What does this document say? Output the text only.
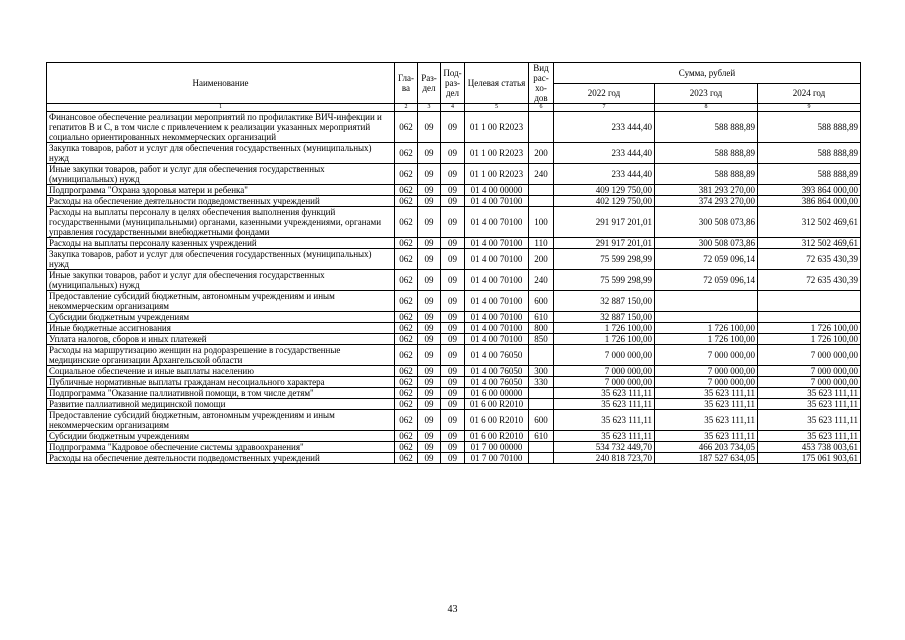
Наименование	Гла-ва	Раз-дел	Под-раз-дел	Целевая статья	Вид рас-хо-дов	Сумма, рублей		
						2022 год	2023 год	2024 год
1	2	3	4	5	6	7	8	9
Финансовое обеспечение реализации мероприятий по профилактике ВИЧ-инфекции и гепатитов В и С, в том числе с привлечением к реализации указанных мероприятий социально ориентированных некоммерческих организаций	062	09	09	01 1 00 R2023		233 444,40	588 888,89	588 888,89
Закупка товаров, работ и услуг для обеспечения государственных (муниципальных) нужд	062	09	09	01 1 00 R2023	200	233 444,40	588 888,89	588 888,89
Иные закупки товаров, работ и услуг для обеспечения государственных (муниципальных) нужд	062	09	09	01 1 00 R2023	240	233 444,40	588 888,89	588 888,89
Подпрограмма "Охрана здоровья матери и ребенка"	062	09	09	01 4 00 00000		409 129 750,00	381 293 270,00	393 864 000,00
Расходы на обеспечение деятельности подведомственных учреждений	062	09	09	01 4 00 70100		402 129 750,00	374 293 270,00	386 864 000,00
Расходы на выплаты персоналу в целях обеспечения выполнения функций государственными (муниципальными) органами, казенными учреждениями, органами управления государственными внебюджетными фондами	062	09	09	01 4 00 70100	100	291 917 201,01	300 508 073,86	312 502 469,61
Расходы на выплаты персоналу казенных учреждений	062	09	09	01 4 00 70100	110	291 917 201,01	300 508 073,86	312 502 469,61
Закупка товаров, работ и услуг для обеспечения государственных (муниципальных) нужд	062	09	09	01 4 00 70100	200	75 599 298,99	72 059 096,14	72 635 430,39
Иные закупки товаров, работ и услуг для обеспечения государственных (муниципальных) нужд	062	09	09	01 4 00 70100	240	75 599 298,99	72 059 096,14	72 635 430,39
Предоставление субсидий бюджетным, автономным учреждениям и иным некоммерческим организациям	062	09	09	01 4 00 70100	600	32 887 150,00		
Субсидии бюджетным учреждениям	062	09	09	01 4 00 70100	610	32 887 150,00		
Иные бюджетные ассигнования	062	09	09	01 4 00 70100	800	1 726 100,00	1 726 100,00	1 726 100,00
Уплата налогов, сборов и иных платежей	062	09	09	01 4 00 70100	850	1 726 100,00	1 726 100,00	1 726 100,00
Расходы на маршрутизацию женщин на родоразрешение в государственные медицинские организации Архангельской области	062	09	09	01 4 00 76050		7 000 000,00	7 000 000,00	7 000 000,00
Социальное обеспечение и иные выплаты населению	062	09	09	01 4 00 76050	300	7 000 000,00	7 000 000,00	7 000 000,00
Публичные нормативные выплаты гражданам несоциального характера	062	09	09	01 4 00 76050	330	7 000 000,00	7 000 000,00	7 000 000,00
Подпрограмма "Оказание паллиативной помощи, в том числе детям"	062	09	09	01 6 00 00000		35 623 111,11	35 623 111,11	35 623 111,11
Развитие паллиативной медицинской помощи	062	09	09	01 6 00 R2010		35 623 111,11	35 623 111,11	35 623 111,11
Предоставление субсидий бюджетным, автономным учреждениям и иным некоммерческим организациям	062	09	09	01 6 00 R2010	600	35 623 111,11	35 623 111,11	35 623 111,11
Субсидии бюджетным учреждениям	062	09	09	01 6 00 R2010	610	35 623 111,11	35 623 111,11	35 623 111,11
Подпрограмма "Кадровое обеспечение системы здравоохранения"	062	09	09	01 7 00 00000		534 732 449,70	466 203 734,05	453 738 003,61
Расходы на обеспечение деятельности подведомственных учреждений	062	09	09	01 7 00 70100		240 818 723,70	187 527 634,05	175 061 903,61
43
